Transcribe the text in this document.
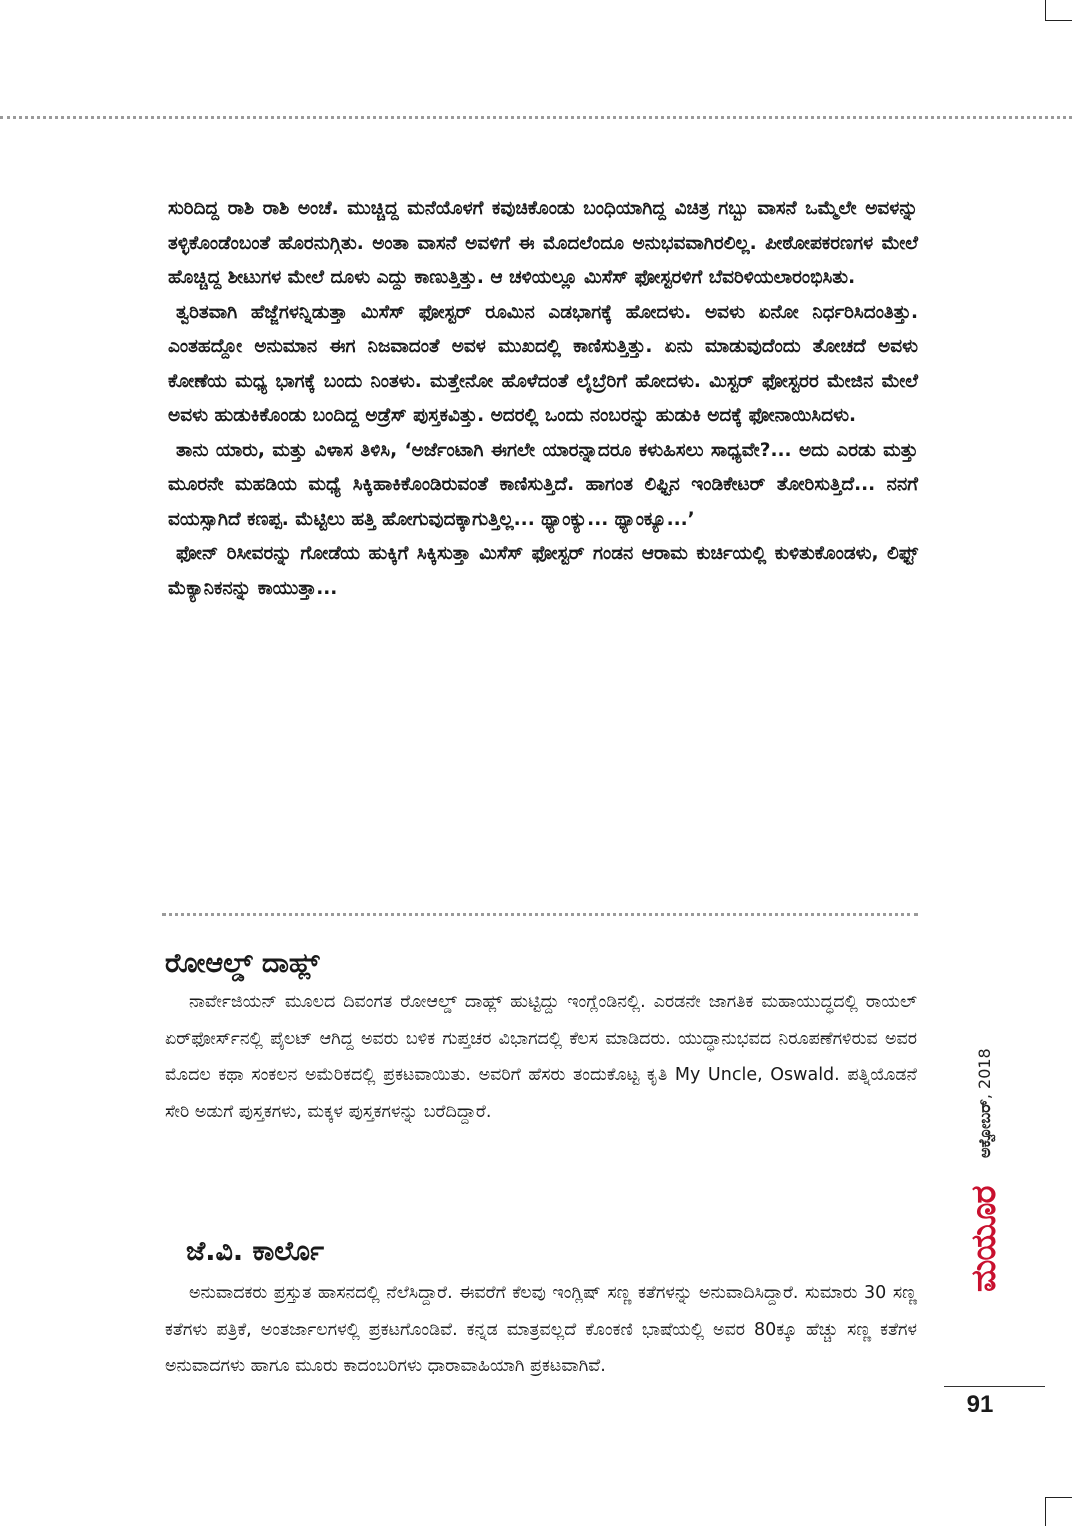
ಸುರಿದಿದ್ದ ರಾಶಿ ರಾಶಿ ಅಂಚೆ. ಮುಚ್ಚಿದ್ದ ಮನೆಯೊಳಗೆ ಕವುಚಿಕೊಂಡು ಬಂಧಿಯಾಗಿದ್ದ ವಿಚಿತ್ರ ಗಬ್ಬು ವಾಸನೆ ಒಮ್ಮೆಲೇ ಅವಳನ್ನು ತಳ್ಳಿಕೊಂಡೆಂಬಂತೆ ಹೊರನುಗ್ಗಿತು. ಅಂತಾ ವಾಸನೆ ಅವಳಿಗೆ ಈ ಮೊದಲೆಂದೂ ಅನುಭವವಾಗಿರಲಿಲ್ಲ. ಪೀಠೋಪಕರಣಗಳ ಮೇಲೆ ಹೊಚ್ಚಿದ್ದ ಶೀಟುಗಳ ಮೇಲೆ ದೂಳು ಎದ್ದು ಕಾಣುತ್ತಿತ್ತು. ಆ ಚಳಿಯಲ್ಲೂ ಮಿಸೆಸ್ ಫೋಸ್ಟರಳಿಗೆ ಬೆವರಿಳಿಯಲಾರಂಭಿಸಿತು.

ತ್ವರಿತವಾಗಿ ಹೆಜ್ಜೆಗಳನ್ನಿಡುತ್ತಾ ಮಿಸೆಸ್ ಫೋಸ್ಟರ್ ರೂಮಿನ ಎಡಭಾಗಕ್ಕೆ ಹೋದಳು. ಅವಳು ಏನೋ ನಿರ್ಧರಿಸಿದಂತಿತ್ತು. ಎಂತಹದ್ದೋ ಅನುಮಾನ ಈಗ ನಿಜವಾದಂತೆ ಅವಳ ಮುಖದಲ್ಲಿ ಕಾಣಿಸುತ್ತಿತ್ತು. ಏನು ಮಾಡುವುದೆಂದು ತೋಚದೆ ಅವಳು ಕೋಣೆಯ ಮಧ್ಯ ಭಾಗಕ್ಕೆ ಬಂದು ನಿಂತಳು. ಮತ್ತೇನೋ ಹೊಳೆದಂತೆ ಲೈಬ್ರೆರಿಗೆ ಹೋದಳು. ಮಿಸ್ಟರ್ ಫೋಸ್ಟರರ ಮೇಜಿನ ಮೇಲೆ ಅವಳು ಹುಡುಕಿಕೊಂಡು ಬಂದಿದ್ದ ಅಡ್ರೆಸ್ ಪುಸ್ತಕವಿತ್ತು. ಅದರಲ್ಲಿ ಒಂದು ನಂಬರನ್ನು ಹುಡುಕಿ ಅದಕ್ಕೆ ಫೋನಾಯಿಸಿದಳು.

ತಾನು ಯಾರು, ಮತ್ತು ವಿಳಾಸ ತಿಳಿಸಿ, ‘ಅರ್ಜೆಂಟಾಗಿ ಈಗಲೇ ಯಾರನ್ನಾದರೂ ಕಳುಹಿಸಲು ಸಾಧ್ಯವೇ?... ಅದು ಎರಡು ಮತ್ತು ಮೂರನೇ ಮಹಡಿಯ ಮಧ್ಯೆ ಸಿಕ್ಕಿಹಾಕಿಕೊಂಡಿರುವಂತೆ ಕಾಣಿಸುತ್ತಿದೆ. ಹಾಗಂತ ಲಿಫ್ಟಿನ ಇಂಡಿಕೇಟರ್ ತೋರಿಸುತ್ತಿದೆ... ನನಗೆ ವಯಸ್ಸಾಗಿದೆ ಕಣಪ್ಪ. ಮೆಟ್ಟಿಲು ಹತ್ತಿ ಹೋಗುವುದಕ್ಕಾಗುತ್ತಿಲ್ಲ... ಥ್ಯಾಂಕ್ಯು... ಥ್ಯಾಂಕ್ಯೂ...’

ಫೋನ್ ರಿಸೀವರನ್ನು ಗೋಡೆಯ ಹುಕ್ಕಿಗೆ ಸಿಕ್ಕಿಸುತ್ತಾ ಮಿಸೆಸ್ ಫೋಸ್ಟರ್ ಗಂಡನ ಆರಾಮ ಕುರ್ಚಿಯಲ್ಲಿ ಕುಳಿತುಕೊಂಡಳು, ಲಿಫ್ಟ್ ಮೆಕ್ಯಾನಿಕನನ್ನು ಕಾಯುತ್ತಾ...

ರೋಆಲ್ಡ್ ದಾಹ್ಲ್

ನಾರ್ವೇಜಿಯನ್ ಮೂಲದ ದಿವಂಗತ ರೋಆಲ್ಡ್ ದಾಹ್ಲ್ ಹುಟ್ಟಿದ್ದು ಇಂಗ್ಲೆಂಡಿನಲ್ಲಿ. ಎರಡನೇ ಜಾಗತಿಕ ಮಹಾಯುದ್ಧದಲ್ಲಿ ರಾಯಲ್ ಏರ್‌ಫೋರ್ಸ್‌ನಲ್ಲಿ ಪೈಲಟ್ ಆಗಿದ್ದ ಅವರು ಬಳಿಕ ಗುಪ್ತಚರ ವಿಭಾಗದಲ್ಲಿ ಕೆಲಸ ಮಾಡಿದರು. ಯುದ್ಧಾನುಭವದ ನಿರೂಪಣೆಗಳಿರುವ ಅವರ ಮೊದಲ ಕಥಾ ಸಂಕಲನ ಅಮೆರಿಕದಲ್ಲಿ ಪ್ರಕಟವಾಯಿತು. ಅವರಿಗೆ ಹೆಸರು ತಂದುಕೊಟ್ಟ ಕೃತಿ My Uncle, Oswald. ಪತ್ನಿಯೊಡನೆ ಸೇರಿ ಅಡುಗೆ ಪುಸ್ತಕಗಳು, ಮಕ್ಕಳ ಪುಸ್ತಕಗಳನ್ನು ಬರೆದಿದ್ದಾರೆ.

ಜೆ.ವಿ. ಕಾರ್ಲೊ

ಅನುವಾದಕರು ಪ್ರಸ್ತುತ ಹಾಸನದಲ್ಲಿ ನೆಲೆಸಿದ್ದಾರೆ. ಈವರೆಗೆ ಕೆಲವು ಇಂಗ್ಲಿಷ್ ಸಣ್ಣ ಕತೆಗಳನ್ನು ಅನುವಾದಿಸಿದ್ದಾರೆ. ಸುಮಾರು 30 ಸಣ್ಣ ಕತೆಗಳು ಪತ್ರಿಕೆ, ಅಂತರ್ಜಾಲಗಳಲ್ಲಿ ಪ್ರಕಟಗೊಂಡಿವೆ. ಕನ್ನಡ ಮಾತ್ರವಲ್ಲದೆ ಕೊಂಕಣಿ ಭಾಷೆಯಲ್ಲಿ ಅವರ 80ಕ್ಕೂ ಹೆಚ್ಚು ಸಣ್ಣ ಕತೆಗಳ ಅನುವಾದಗಳು ಹಾಗೂ ಮೂರು ಕಾದಂಬರಿಗಳು ಧಾರಾವಾಹಿಯಾಗಿ ಪ್ರಕಟವಾಗಿವೆ.

ಮಯೂರ
ಅಕ್ಟೋಬರ್, 2018
91
